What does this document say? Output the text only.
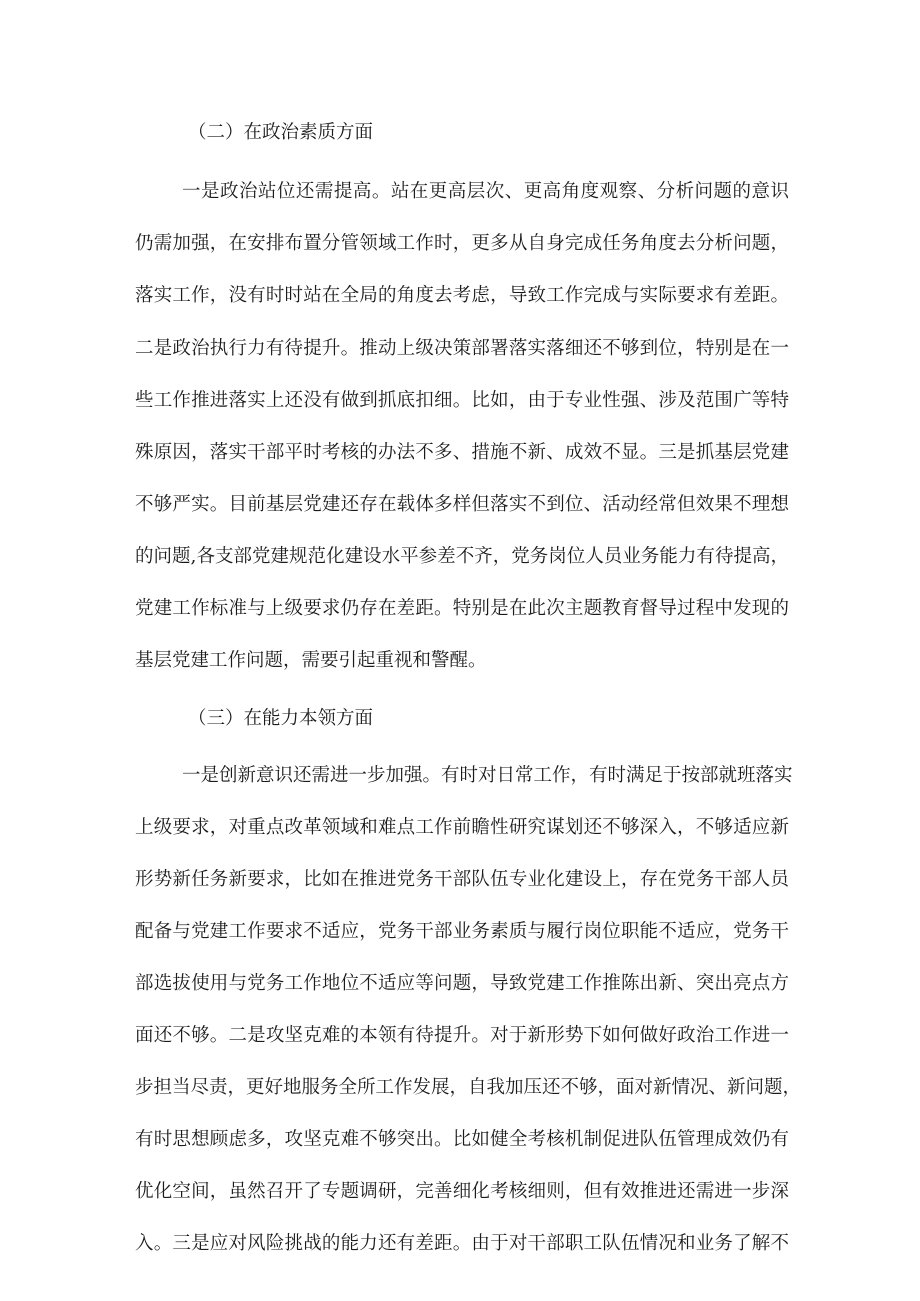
（二）在政治素质方面

一是政治站位还需提高。站在更高层次、更高角度观察、分析问题的意识

仍需加强，在安排布置分管领域工作时，更多从自身完成任务角度去分析问题，

落实工作，没有时时站在全局的角度去考虑，导致工作完成与实际要求有差距。

二是政治执行力有待提升。推动上级决策部署落实落细还不够到位，特别是在一

些工作推进落实上还没有做到抓底扣细。比如，由于专业性强、涉及范围广等特

殊原因，落实干部平时考核的办法不多、措施不新、成效不显。三是抓基层党建

不够严实。目前基层党建还存在载体多样但落实不到位、活动经常但效果不理想

的问题,各支部党建规范化建设水平参差不齐，党务岗位人员业务能力有待提高，

党建工作标准与上级要求仍存在差距。特别是在此次主题教育督导过程中发现的

基层党建工作问题，需要引起重视和警醒。

（三）在能力本领方面

一是创新意识还需进一步加强。有时对日常工作，有时满足于按部就班落实

上级要求，对重点改革领域和难点工作前瞻性研究谋划还不够深入，不够适应新

形势新任务新要求，比如在推进党务干部队伍专业化建设上，存在党务干部人员

配备与党建工作要求不适应，党务干部业务素质与履行岗位职能不适应，党务干

部选拔使用与党务工作地位不适应等问题，导致党建工作推陈出新、突出亮点方

面还不够。二是攻坚克难的本领有待提升。对于新形势下如何做好政治工作进一

步担当尽责，更好地服务全所工作发展，自我加压还不够，面对新情况、新问题，

有时思想顾虑多，攻坚克难不够突出。比如健全考核机制促进队伍管理成效仍有

优化空间，虽然召开了专题调研，完善细化考核细则，但有效推进还需进一步深

入。三是应对风险挑战的能力还有差距。由于对干部职工队伍情况和业务了解不
